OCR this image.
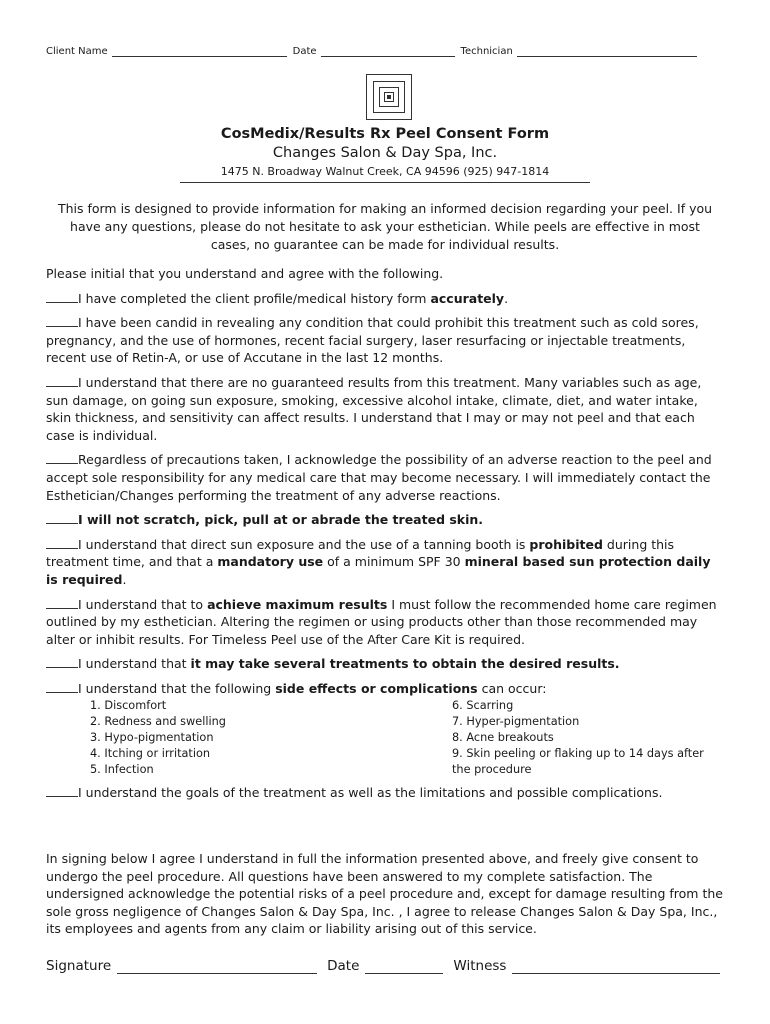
Client Name	Date	Technician
CosMedix/Results Rx Peel Consent Form
Changes Salon & Day Spa, Inc.
1475 N. Broadway Walnut Creek, CA 94596 (925) 947-1814
This form is designed to provide information for making an informed decision regarding your peel. If you have any questions, please do not hesitate to ask your esthetician. While peels are effective in most cases, no guarantee can be made for individual results.

Please initial that you understand and agree with the following.

I have completed the client profile/medical history form accurately.

I have been candid in revealing any condition that could prohibit this treatment such as cold sores, pregnancy, and the use of hormones, recent facial surgery, laser resurfacing or injectable treatments, recent use of Retin-A, or use of Accutane in the last 12 months.

I understand that there are no guaranteed results from this treatment. Many variables such as age, sun damage, on going sun exposure, smoking, excessive alcohol intake, climate, diet, and water intake, skin thickness, and sensitivity can affect results. I understand that I may or may not peel and that each case is individual.

Regardless of precautions taken, I acknowledge the possibility of an adverse reaction to the peel and accept sole responsibility for any medical care that may become necessary. I will immediately contact the Esthetician/Changes performing the treatment of any adverse reactions.

I will not scratch, pick, pull at or abrade the treated skin.

I understand that direct sun exposure and the use of a tanning booth is prohibited during this treatment time, and that a mandatory use of a minimum SPF 30 mineral based sun protection daily is required.

I understand that to achieve maximum results I must follow the recommended home care regimen outlined by my esthetician. Altering the regimen or using products other than those recommended may alter or inhibit results. For Timeless Peel use of the After Care Kit is required.

I understand that it may take several treatments to obtain the desired results.

I understand that the following side effects or complications can occur:

1. Discomfort
2. Redness and swelling
3. Hypo-pigmentation
4. Itching or irritation
5. Infection
6. Scarring
7. Hyper-pigmentation
8. Acne breakouts
9. Skin peeling or flaking up to 14 days after the procedure

I understand the goals of the treatment as well as the limitations and possible complications.

In signing below I agree I understand in full the information presented above, and freely give consent to undergo the peel procedure. All questions have been answered to my complete satisfaction. The undersigned acknowledge the potential risks of a peel procedure and, except for damage resulting from the sole gross negligence of Changes Salon & Day Spa, Inc. , I agree to release Changes Salon & Day Spa, Inc., its employees and agents from any claim or liability arising out of this service.

Signature	Date	Witness
